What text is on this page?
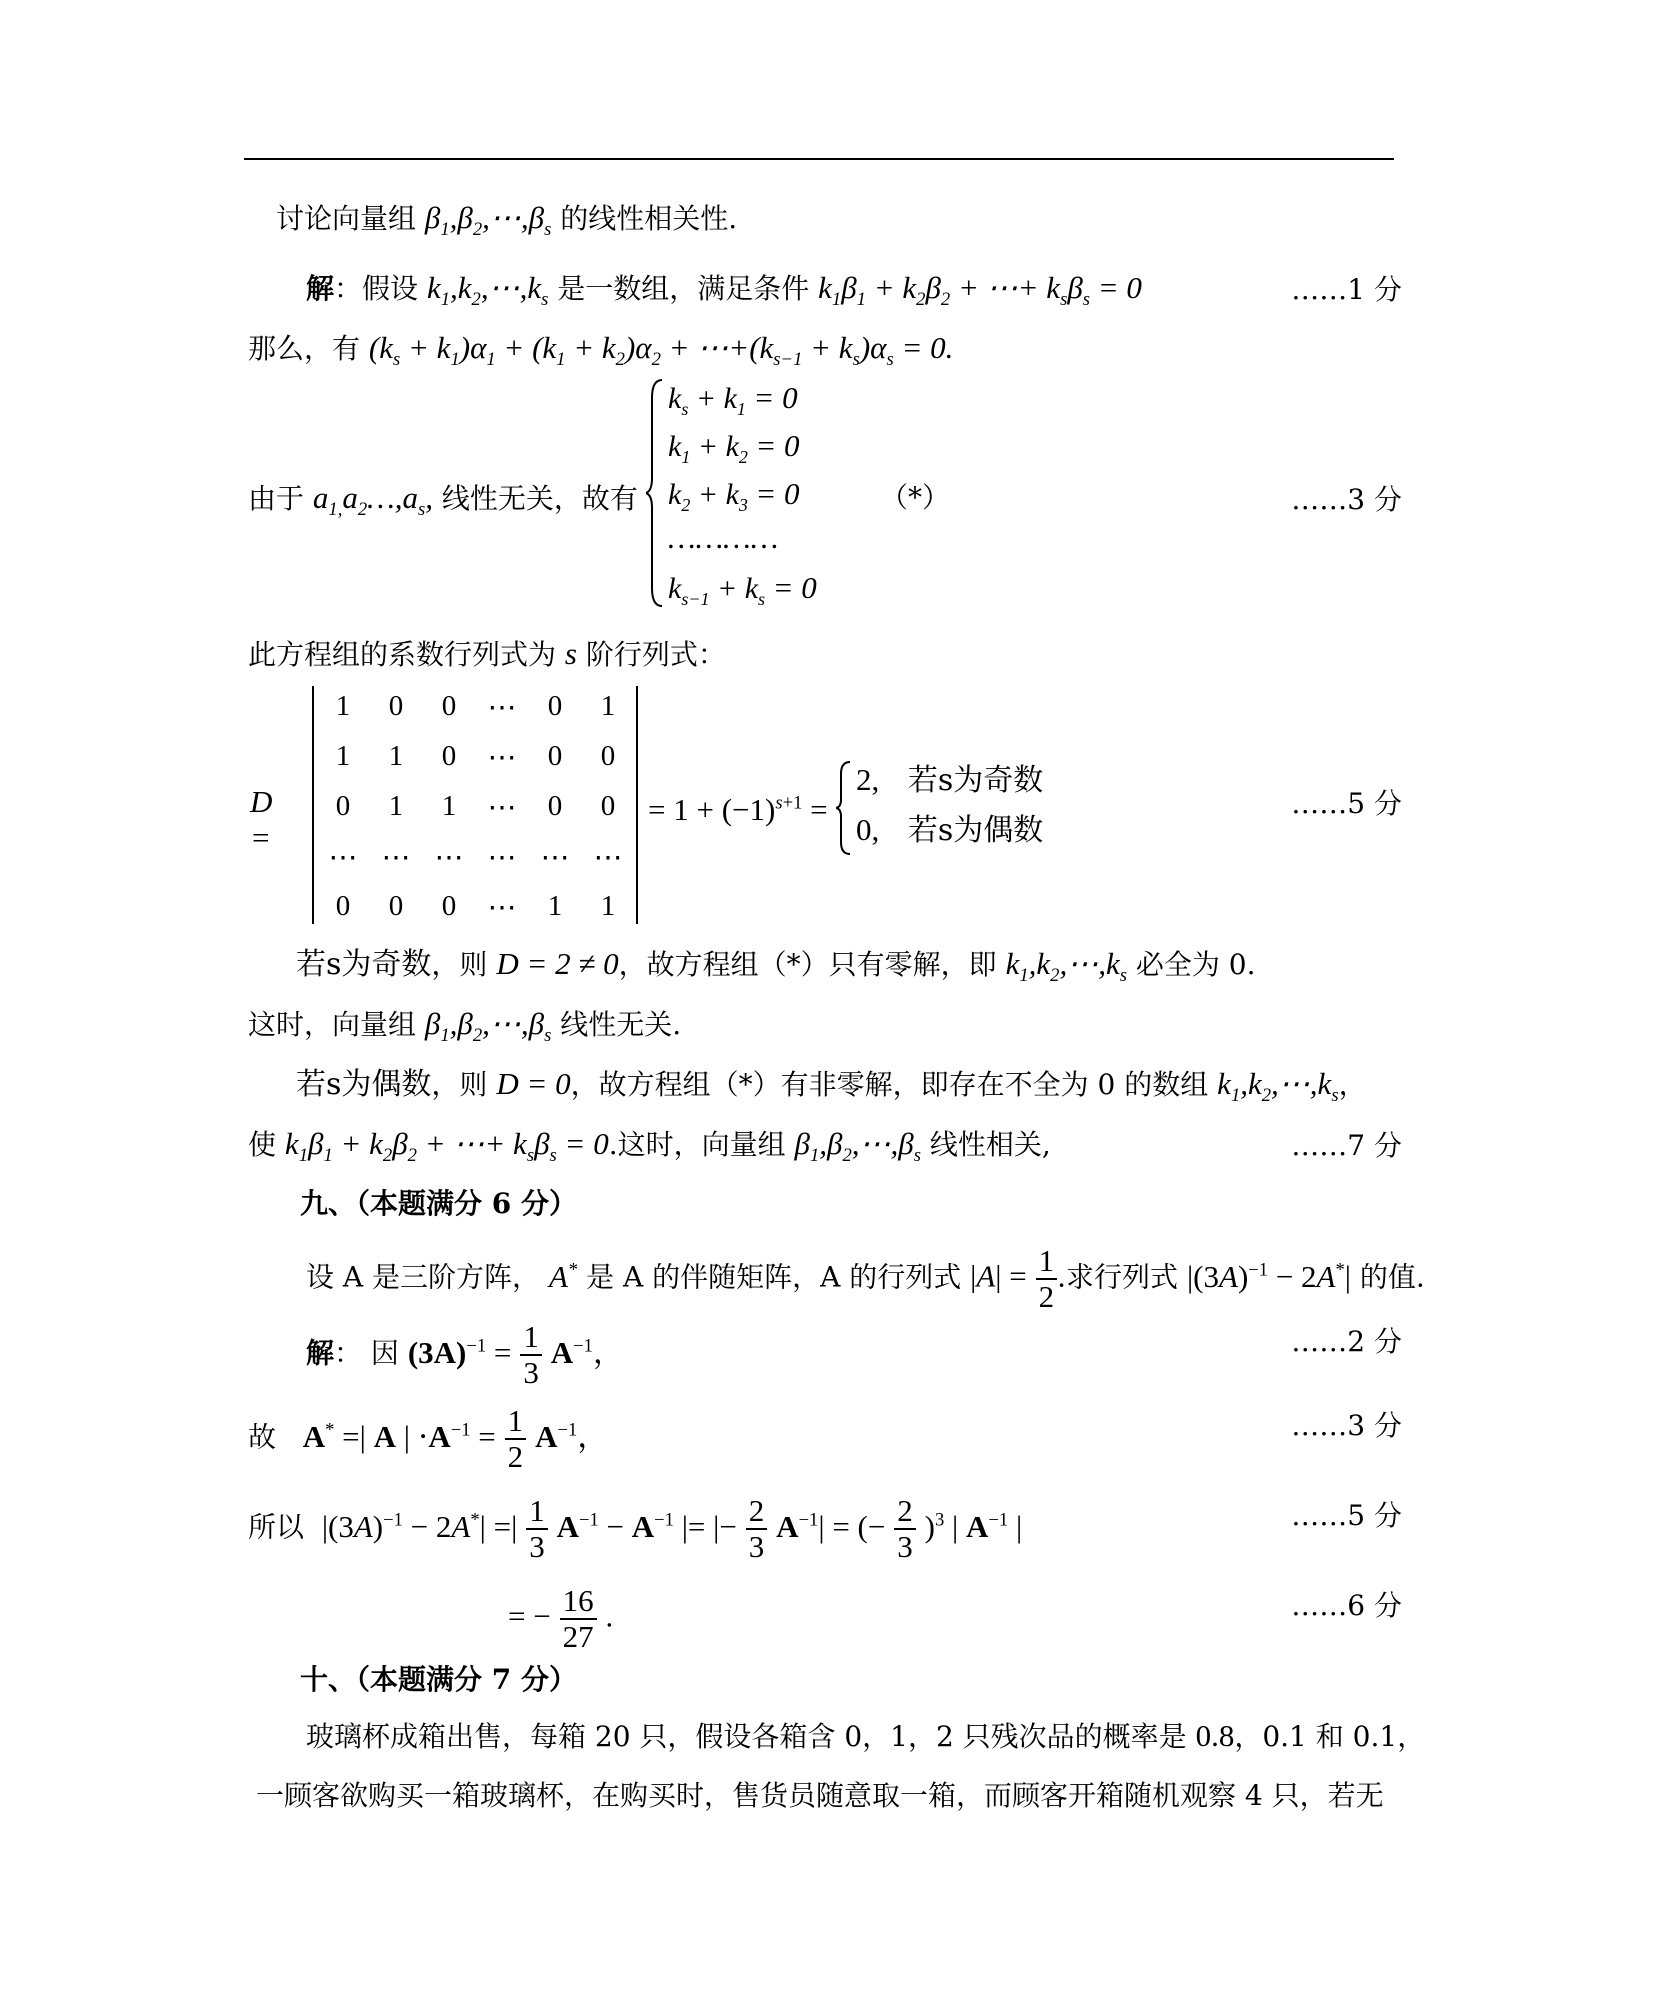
讨论向量组 $\beta_1,\beta_2,\cdots,\beta_s$ 的线性相关性.
解：假设 $k_1,k_2,\cdots,k_s$ 是一数组，满足条件 $k_1\beta_1 + k_2\beta_2$ + ⋯+ $k_s\beta_s = 0$	……1 分
那么，有 $(k_s + k_1)\alpha_1 + (k_1 + k_2)\alpha_2$ + $\cdots+(k_{s-1} + k_s)\alpha_s = 0$.
由于 $a_{1,}a_2\dots,a_s$, 线性无关，故有
$k_s + k_1 = 0$
$k_1 + k_2 = 0$
$k_2 + k_3 = 0$
…………
$k_{s-1} + k_s = 0$
（*）	……3 分
此方程组的系数行列式为 s 阶行列式：
D =
1	0	0	⋯	0	1
1	1	0	⋯	0	0
0	1	1	⋯	0	0
⋯ ⋯ ⋯ ⋯ ⋯ ⋯
0	0	0	⋯	1	1
= $1 + (-1)^{s+1}$ =
2, 若s为奇数
0, 若s为偶数
……5 分
若s为奇数，则 D = 2 ≠ 0，故方程组（*）只有零解，即 $k_1,k_2,\cdots,k_s$ 必全为 0.
这时，向量组 $\beta_1,\beta_2,\cdots,\beta_s$ 线性无关.
若s为偶数，则 D = 0，故方程组（*）有非零解，即存在不全为 0 的数组 $k_1,k_2,\cdots,k_s$，
使 $k_1\beta_1 + k_2\beta_2$ + ⋯+ $k_s\beta_s = 0$.这时，向量组 $\beta_1,\beta_2,\cdots,\beta_s$ 线性相关,	……7 分
九、（本题满分 6 分）
设 A 是三阶方阵， A* 是 A 的伴随矩阵，A 的行列式 $|A| = \frac{1}{2}$ .求行列式 $|(3A)^{-1} - 2A^*|$ 的值.
解： 因 $(3A)^{-1} = \frac{1}{3} A^{-1}$，	……2 分
故 A* =| A | $\cdot A^{-1} = \frac{1}{2} A^{-1}$，	……3 分
所以 $|(3A)^{-1} - 2A^*|$ =| $\frac{1}{3} A^{-1} - A^{-1}$ |= |− $\frac{2}{3} A^{-1}|$ = (− $\frac{2}{3} )^3$ | $A^{-1}$ |	……5 分
= − $\frac{16}{27}$ .	……6 分
十、（本题满分 7 分）
玻璃杯成箱出售，每箱 20 只，假设各箱含 0，1，2 只残次品的概率是 0.8，0.1 和 0.1，
一顾客欲购买一箱玻璃杯，在购买时，售货员随意取一箱，而顾客开箱随机观察 4 只，若无
